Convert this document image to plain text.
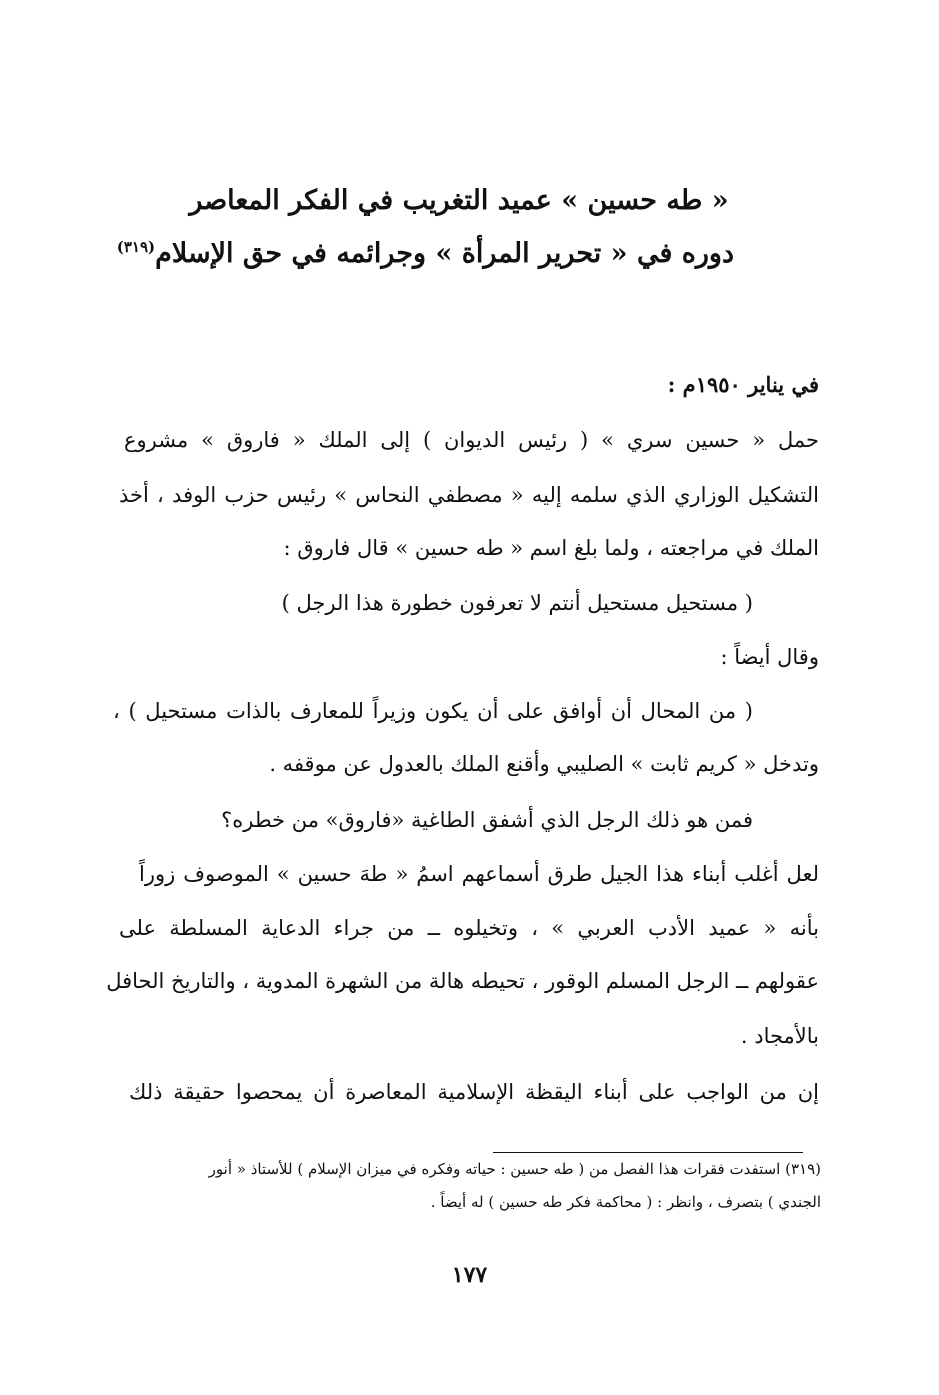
« طه حسين » عميد التغريب في الفكر المعاصر
دوره في « تحرير المرأة » وجرائمه في حق الإسلام$^{(٣١٩)}$
في يناير ١٩٥٠م :
حمل « حسين سري » ( رئيس الديوان ) إلى الملك « فاروق » مشروع
التشكيل الوزاري الذي سلمه إليه « مصطفي النحاس » رئيس حزب الوفد ، أخذ
الملك في مراجعته ، ولما بلغ اسم « طه حسين » قال فاروق :
( مستحيل مستحيل أنتم لا تعرفون خطورة هذا الرجل )
وقال أيضاً :
( من المحال أن أوافق على أن يكون وزيراً للمعارف بالذات مستحيل ) ،
وتدخل « كريم ثابت » الصليبي وأقنع الملك بالعدول عن موقفه .
فمن هو ذلك الرجل الذي أشفق الطاغية «فاروق» من خطره؟
لعل أغلب أبناء هذا الجيل طرق أسماعهم اسمُ « طهَ حسين » الموصوف زوراً
بأنه « عميد الأدب العربي » ، وتخيلوه ــ من جراء الدعاية المسلطة على
عقولهم ــ الرجل المسلم الوقور ، تحيطه هالة من الشهرة المدوية ، والتاريخ الحافل
بالأمجاد .
إن من الواجب على أبناء اليقظة الإسلامية المعاصرة أن يمحصوا حقيقة ذلك
(٣١٩) استفدت فقرات هذا الفصل من ( طه حسين : حياته وفكره في ميزان الإسلام ) للأستاذ « أنور
الجندي ) بتصرف ، وانظر : ( محاكمة فكر طه حسين ) له أيضاً .
١٧٧
